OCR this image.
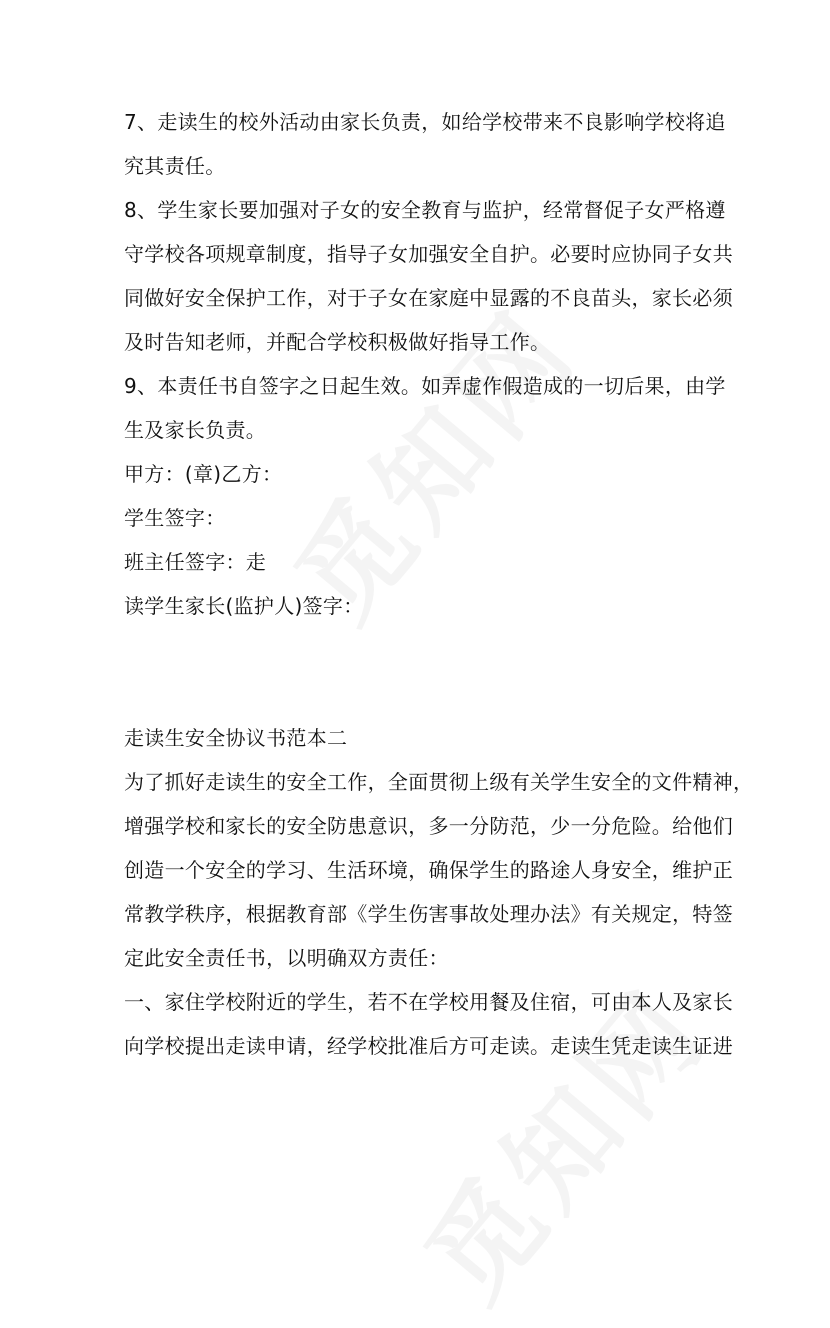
7、走读生的校外活动由家长负责，如给学校带来不良影响学校将追
究其责任。
8、学生家长要加强对子女的安全教育与监护，经常督促子女严格遵
守学校各项规章制度，指导子女加强安全自护。必要时应协同子女共
同做好安全保护工作，对于子女在家庭中显露的不良苗头，家长必须
及时告知老师，并配合学校积极做好指导工作。
9、本责任书自签字之日起生效。如弄虚作假造成的一切后果，由学
生及家长负责。
甲方：(章)乙方：
学生签字：
班主任签字：走
读学生家长(监护人)签字：
走读生安全协议书范本二
为了抓好走读生的安全工作，全面贯彻上级有关学生安全的文件精神，
增强学校和家长的安全防患意识，多一分防范，少一分危险。给他们
创造一个安全的学习、生活环境，确保学生的路途人身安全，维护正
常教学秩序，根据教育部《学生伤害事故处理办法》有关规定，特签
定此安全责任书，以明确双方责任：
一、家住学校附近的学生，若不在学校用餐及住宿，可由本人及家长
向学校提出走读申请，经学校批准后方可走读。走读生凭走读生证进
